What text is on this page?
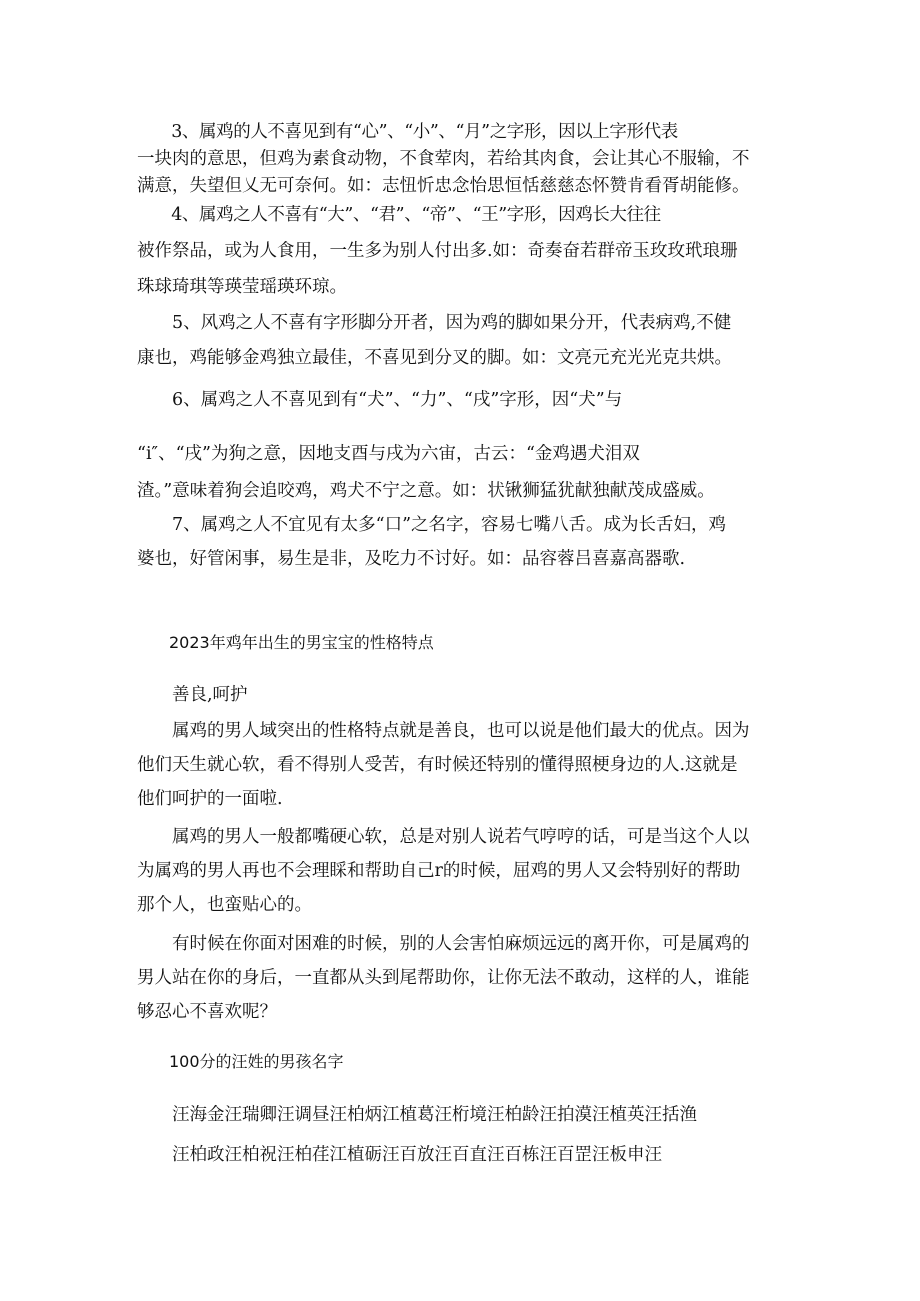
　　3、属鸡的人不喜见到有“心”、“小”、“月”之字形，因以上字形代表
一块肉的意思，但鸡为素食动物，不食荤肉，若给其肉食，会让其心不服输，不
满意，失望但乂无可奈何。如：志忸忻忠念怡思恒恬慈慈态怀赞肯看胥胡能修。
　　4、属鸡之人不喜有“大”、“君”、“帝”、“王”字形，因鸡长大往往
被作祭品，或为人食用，一生多为别人付出多.如：奇奏奋若群帝玉玫玫玳琅珊
珠球琦琪等瑛莹瑶瑛环琼。
　　5、风鸡之人不喜有字形脚分开者，因为鸡的脚如果分开，代表病鸡,不健
康也，鸡能够金鸡独立最佳，不喜见到分叉的脚。如：文亮元充光光克共烘。
　　6、属鸡之人不喜见到有“犬”、“力”、“戌”字形，因“犬”与
“i″、“戌”为狗之意，因地支酉与戌为六宙，古云：“金鸡遇犬泪双
渣。”意味着狗会追咬鸡，鸡犬不宁之意。如：状锹狮猛犹献独献茂成盛威。
　　7、属鸡之人不宜见有太多“口”之名字，容易七嘴八舌。成为长舌妇，鸡
婆也，好管闲事，易生是非，及吃力不讨好。如：品容蓉吕喜嘉高器歌.
　　2023年鸡年出生的男宝宝的性格特点
　　善良,呵护
　　属鸡的男人域突出的性格特点就是善良，也可以说是他们最大的优点。因为
他们天生就心软，看不得别人受苦，有时候还特别的懂得照梗身边的人.这就是
他们呵护的一面啦.
　　属鸡的男人一般都嘴硬心软，总是对别人说若气哼哼的话，可是当这个人以
为属鸡的男人再也不会理睬和帮助自己r的时候，屈鸡的男人又会特别好的帮助
那个人，也蛮贴心的。
　　有时候在你面对困难的时候，别的人会害怕麻烦远远的离开你，可是属鸡的
男人站在你的身后，一直都从头到尾帮助你，让你无法不敢动，这样的人，谁能
够忍心不喜欢呢？
　　100分的汪姓的男孩名字
　　汪海金汪瑞卿汪调昼汪柏炳江植葛汪桁境汪柏龄汪拍漠汪植英汪括渔
　　汪柏政汪柏祝汪柏荏江植砺汪百放汪百直汪百栋汪百罡汪板申汪
